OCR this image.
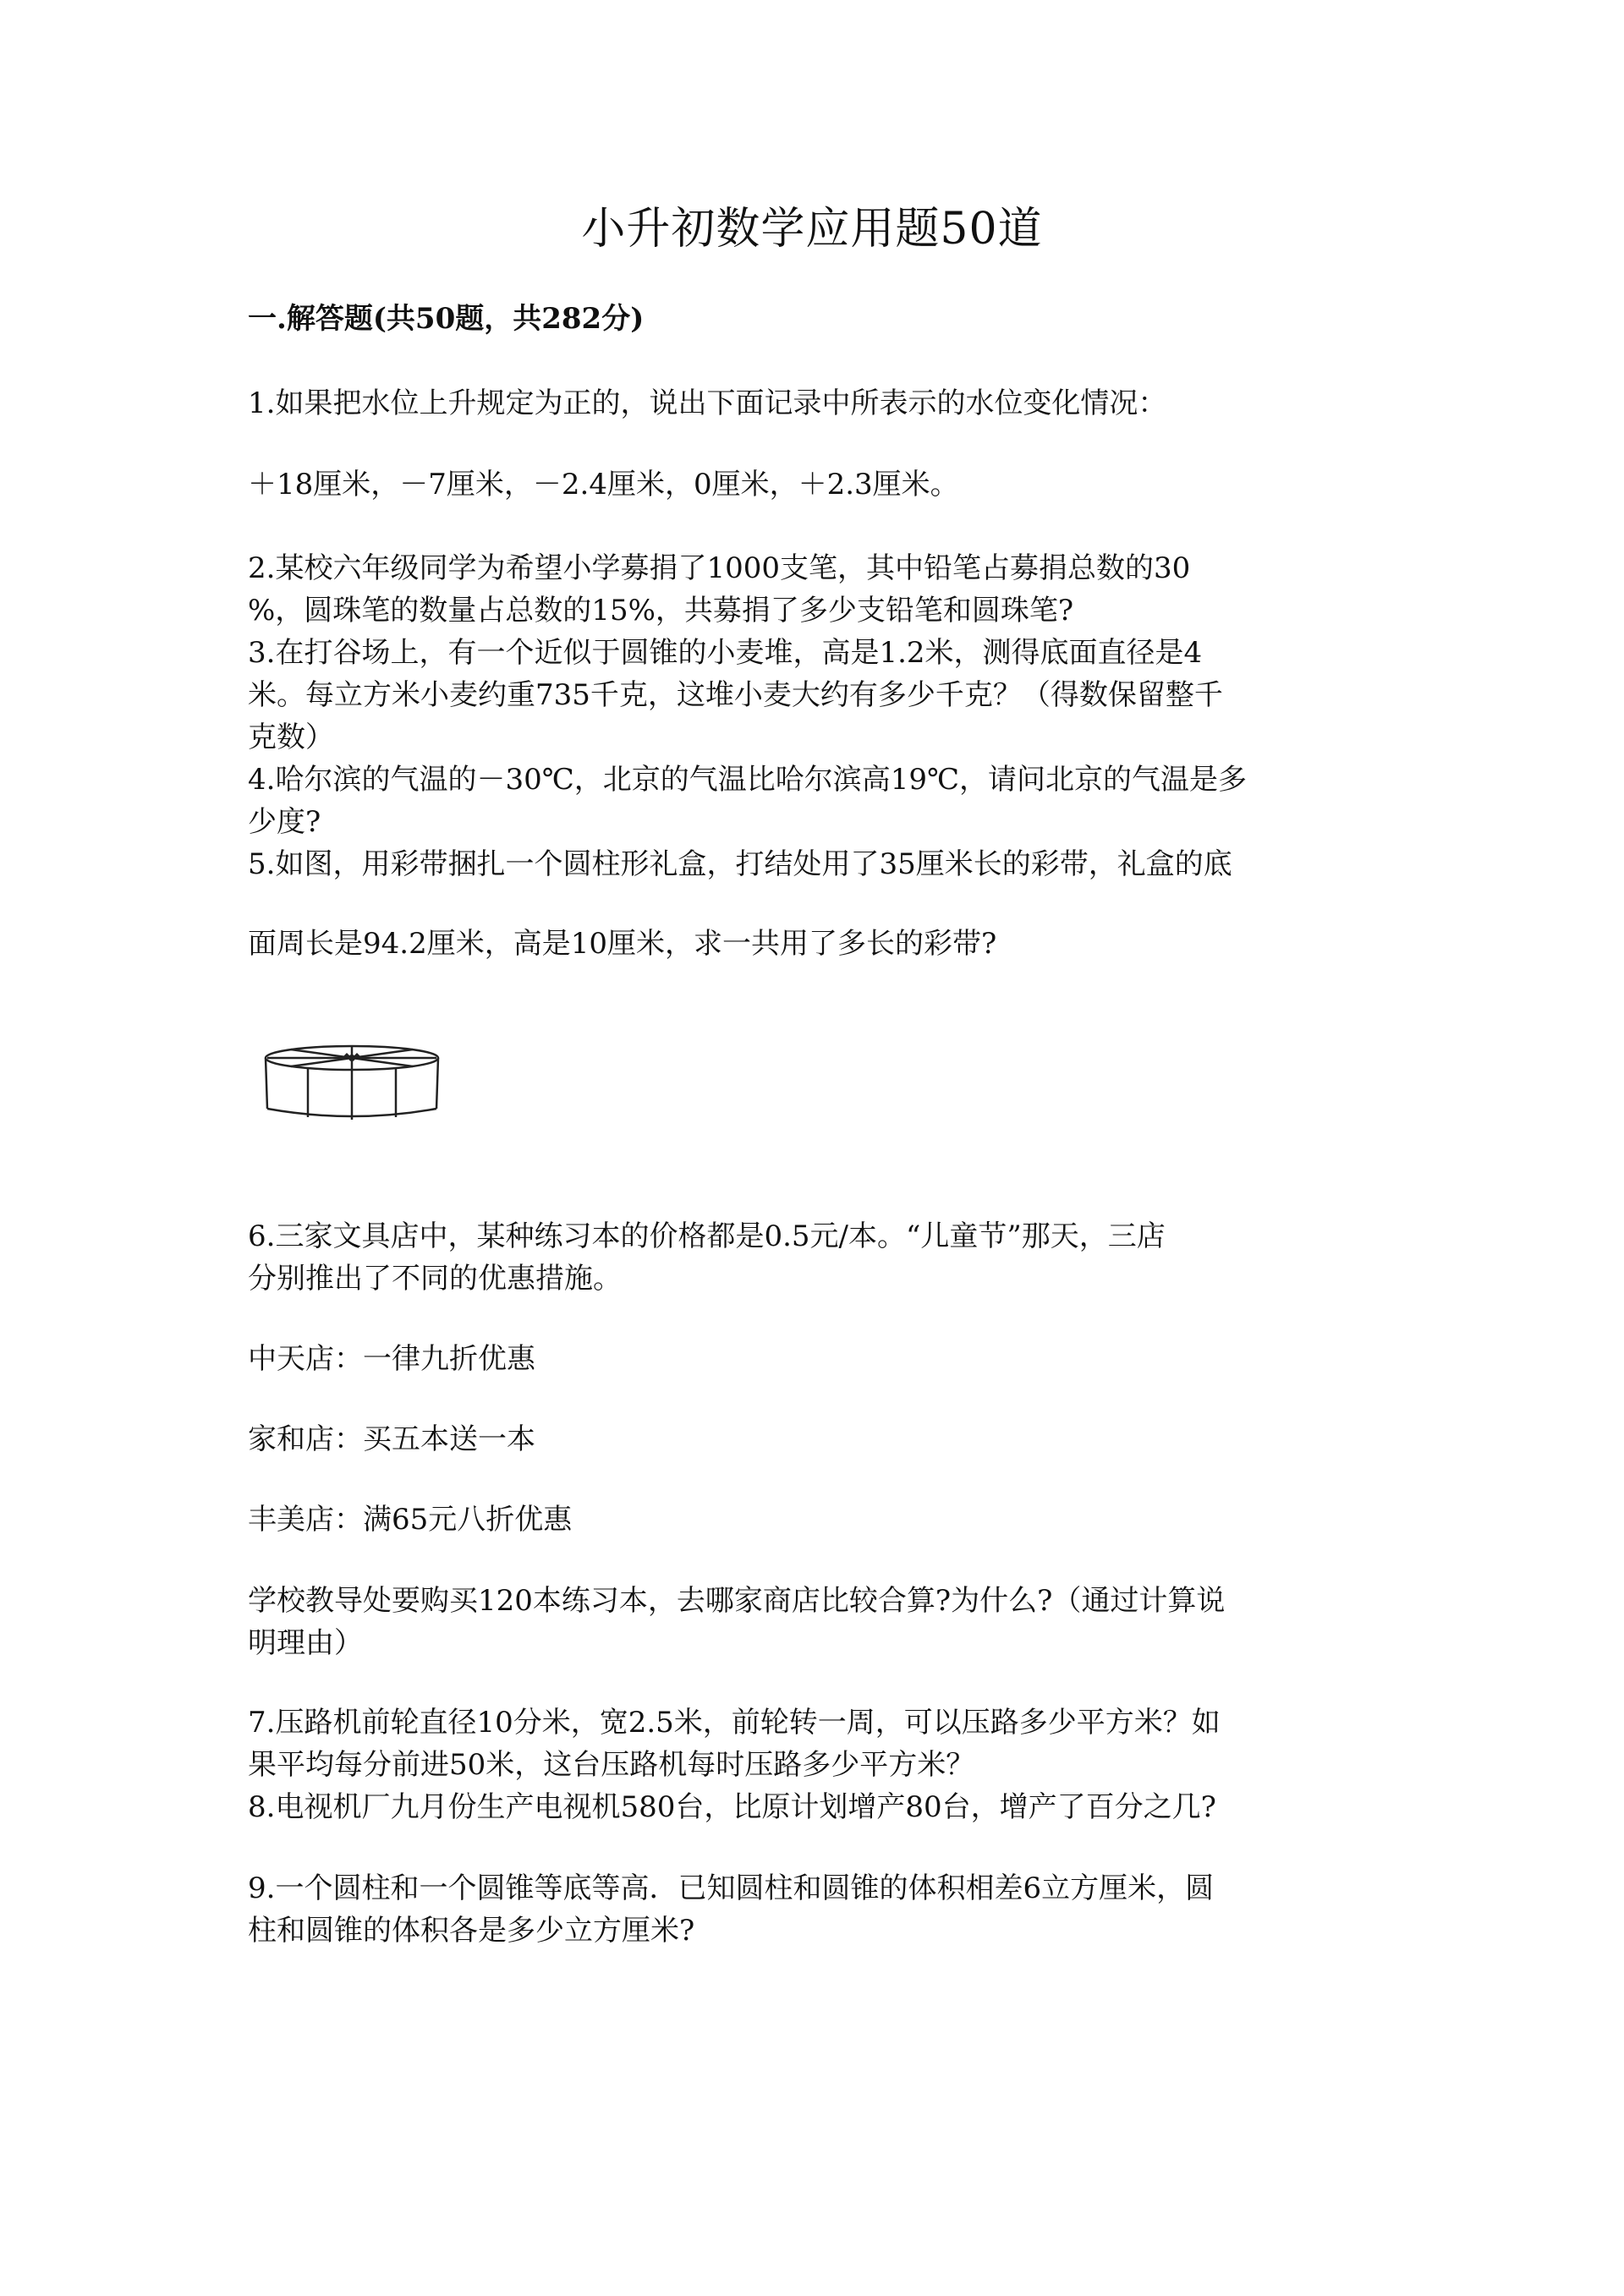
小升初数学应用题50道
一.解答题(共50题，共282分)
1.如果把水位上升规定为正的，说出下面记录中所表示的水位变化情况：
＋18厘米，－7厘米，－2.4厘米，0厘米，＋2.3厘米。
2.某校六年级同学为希望小学募捐了1000支笔，其中铅笔占募捐总数的30
%，圆珠笔的数量占总数的15%，共募捐了多少支铅笔和圆珠笔?
3.在打谷场上，有一个近似于圆锥的小麦堆，高是1.2米，测得底面直径是4
米。每立方米小麦约重735千克，这堆小麦大约有多少千克？（得数保留整千
克数）
4.哈尔滨的气温的－30℃，北京的气温比哈尔滨高19℃，请问北京的气温是多
少度?
5.如图，用彩带捆扎一个圆柱形礼盒，打结处用了35厘米长的彩带，礼盒的底
面周长是94.2厘米，高是10厘米，求一共用了多长的彩带?
6.三家文具店中，某种练习本的价格都是0.5元/本。“儿童节”那天，三店
分别推出了不同的优惠措施。
中天店：一律九折优惠
家和店：买五本送一本
丰美店：满65元八折优惠
学校教导处要购买120本练习本，去哪家商店比较合算?为什么?（通过计算说
明理由）
7.压路机前轮直径10分米，宽2.5米，前轮转一周，可以压路多少平方米？如
果平均每分前进50米，这台压路机每时压路多少平方米？
8.电视机厂九月份生产电视机580台，比原计划增产80台，增产了百分之几?
9.一个圆柱和一个圆锥等底等高．已知圆柱和圆锥的体积相差6立方厘米，圆
柱和圆锥的体积各是多少立方厘米?
